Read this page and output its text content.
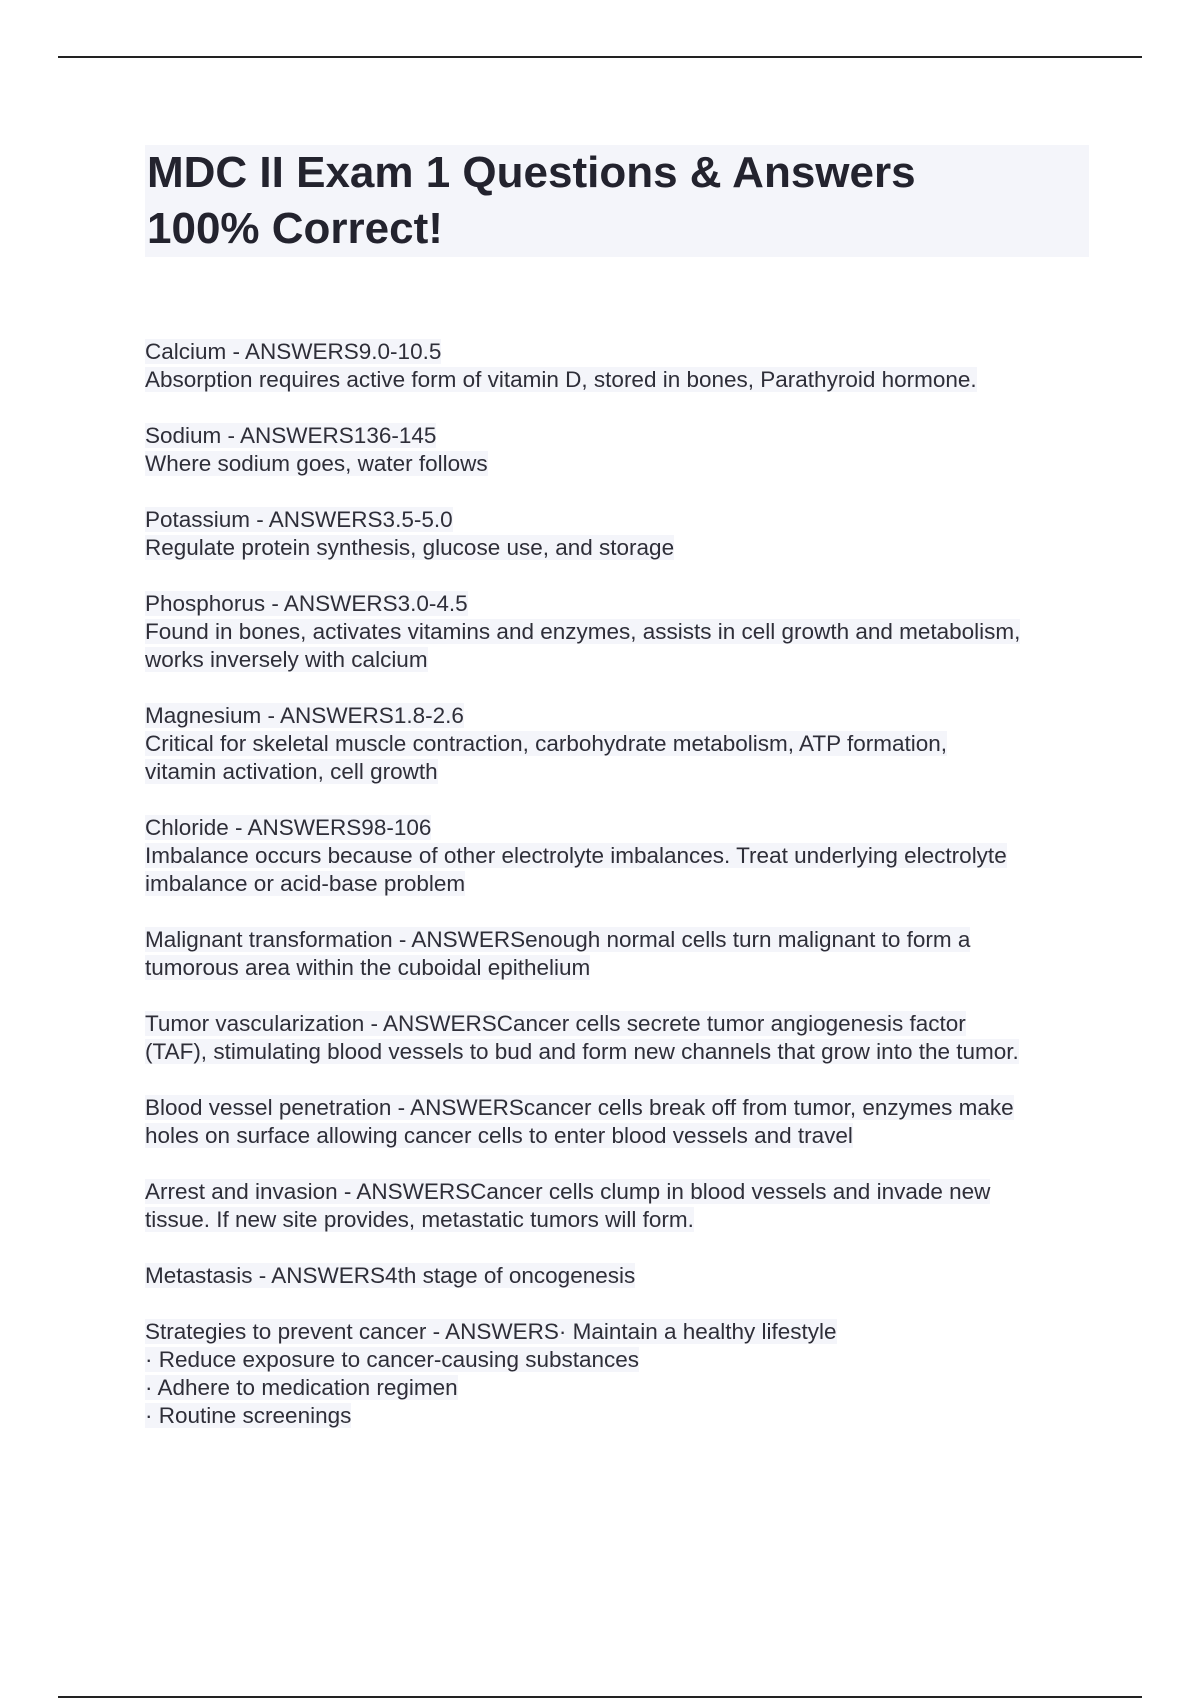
MDC II Exam 1 Questions & Answers
100% Correct!
Calcium - ANSWERS9.0-10.5
Absorption requires active form of vitamin D, stored in bones, Parathyroid hormone.
Sodium - ANSWERS136-145
Where sodium goes, water follows
Potassium - ANSWERS3.5-5.0
Regulate protein synthesis, glucose use, and storage
Phosphorus - ANSWERS3.0-4.5
Found in bones, activates vitamins and enzymes, assists in cell growth and metabolism,
works inversely with calcium
Magnesium - ANSWERS1.8-2.6
Critical for skeletal muscle contraction, carbohydrate metabolism, ATP formation,
vitamin activation, cell growth
Chloride - ANSWERS98-106
Imbalance occurs because of other electrolyte imbalances. Treat underlying electrolyte
imbalance or acid-base problem
Malignant transformation - ANSWERSenough normal cells turn malignant to form a
tumorous area within the cuboidal epithelium
Tumor vascularization - ANSWERSCancer cells secrete tumor angiogenesis factor
(TAF), stimulating blood vessels to bud and form new channels that grow into the tumor.
Blood vessel penetration - ANSWERScancer cells break off from tumor, enzymes make
holes on surface allowing cancer cells to enter blood vessels and travel
Arrest and invasion - ANSWERSCancer cells clump in blood vessels and invade new
tissue. If new site provides, metastatic tumors will form.
Metastasis - ANSWERS4th stage of oncogenesis
Strategies to prevent cancer - ANSWERS· Maintain a healthy lifestyle
· Reduce exposure to cancer-causing substances
· Adhere to medication regimen
· Routine screenings
